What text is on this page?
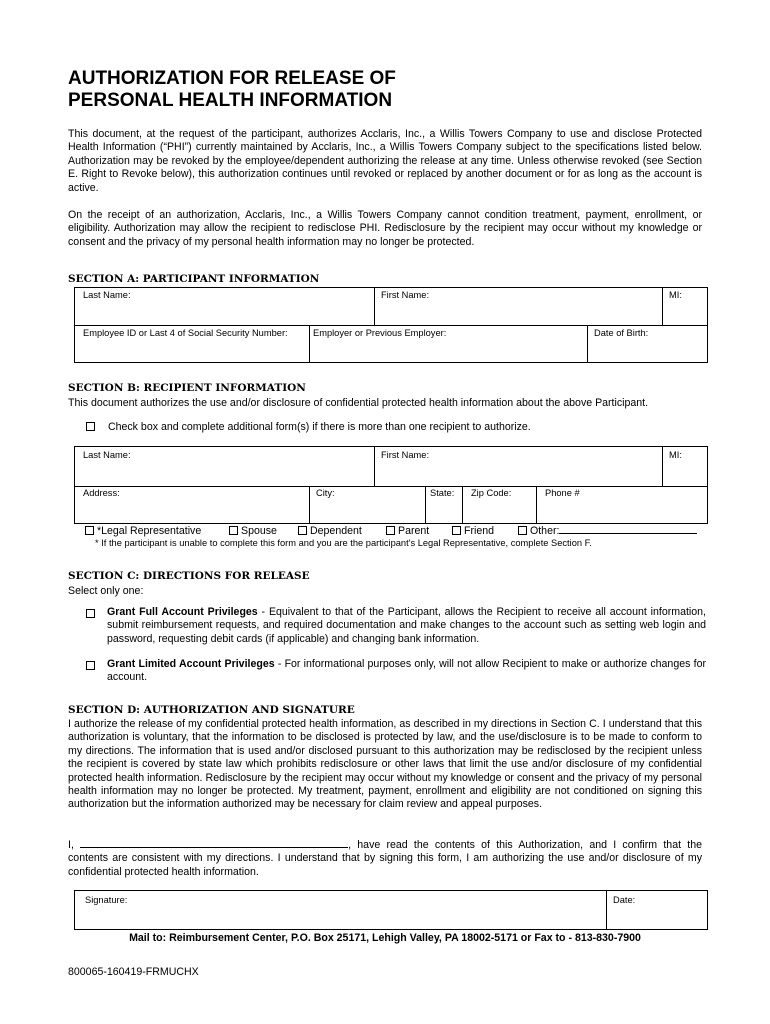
AUTHORIZATION FOR RELEASE OF
PERSONAL HEALTH INFORMATION

This document, at the request of the participant, authorizes Acclaris, Inc., a Willis Towers Company to use and disclose Protected Health Information (“PHI”) currently maintained by Acclaris, Inc., a Willis Towers Company subject to the specifications listed below. Authorization may be revoked by the employee/dependent authorizing the release at any time. Unless otherwise revoked (see Section E. Right to Revoke below), this authorization continues until revoked or replaced by another document or for as long as the account is active.

On the receipt of an authorization, Acclaris, Inc., a Willis Towers Company cannot condition treatment, payment, enrollment, or eligibility. Authorization may allow the recipient to redisclose PHI. Redisclosure by the recipient may occur without my knowledge or consent and the privacy of my personal health information may no longer be protected.

SECTION A: PARTICIPANT INFORMATION

Last Name:	First Name:	MI:
Employee ID or Last 4 of Social Security Number:	Employer or Previous Employer:	Date of Birth:

SECTION B: RECIPIENT INFORMATION

This document authorizes the use and/or disclosure of confidential protected health information about the above Participant.

Check box and complete additional form(s) if there is more than one recipient to authorize.

Last Name:	First Name:	MI:
Address:	City:	State:	Zip Code:	Phone #
*Legal Representative	Spouse	Dependent	Parent	Friend	Other:

* If the participant is unable to complete this form and you are the participant's Legal Representative, complete Section F.

SECTION C: DIRECTIONS FOR RELEASE

Select only one:

Grant Full Account Privileges - Equivalent to that of the Participant, allows the Recipient to receive all account information, submit reimbursement requests, and required documentation and make changes to the account such as setting web login and password, requesting debit cards (if applicable) and changing bank information.

Grant Limited Account Privileges - For informational purposes only, will not allow Recipient to make or authorize changes for account.

SECTION D: AUTHORIZATION AND SIGNATURE

I authorize the release of my confidential protected health information, as described in my directions in Section C. I understand that this authorization is voluntary, that the information to be disclosed is protected by law, and the use/disclosure is to be made to conform to my directions. The information that is used and/or disclosed pursuant to this authorization may be redisclosed by the recipient unless the recipient is covered by state law which prohibits redisclosure or other laws that limit the use and/or disclosure of my confidential protected health information. Redisclosure by the recipient may occur without my knowledge or consent and the privacy of my personal health information may no longer be protected. My treatment, payment, enrollment and eligibility are not conditioned on signing this authorization but the information authorized may be necessary for claim review and appeal purposes.

I,	, have read the contents of this Authorization, and I confirm that the contents are consistent with my directions. I understand that by signing this form, I am authorizing the use and/or disclosure of my confidential protected health information.

Signature:	Date:

Mail to: Reimbursement Center, P.O. Box 25171, Lehigh Valley, PA 18002-5171 or Fax to - 813-830-7900

800065-160419-FRMUCHX
